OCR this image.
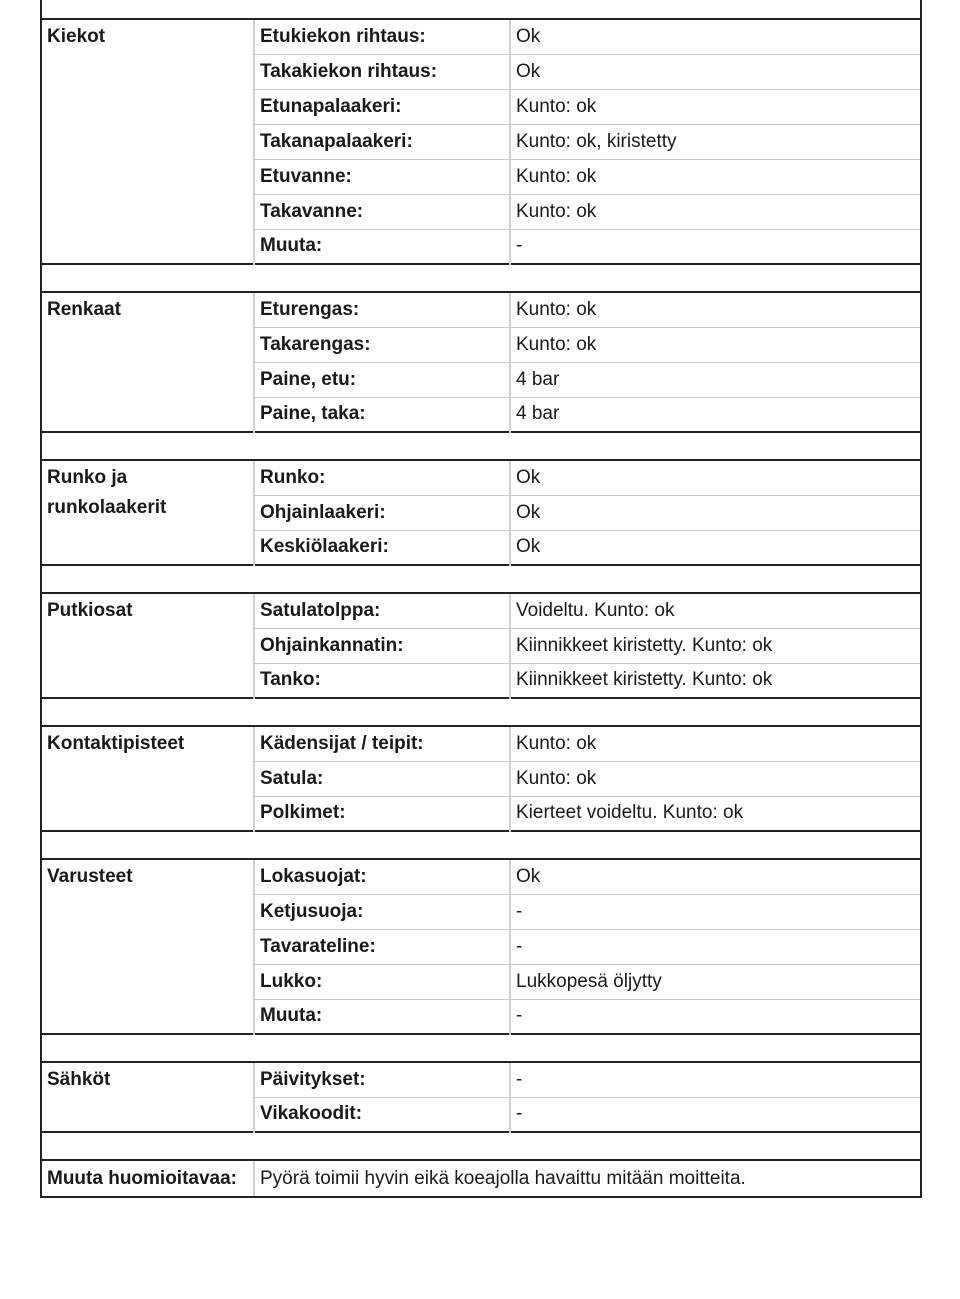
Kiekot	Etukiekon rihtaus:	Ok
	Takakiekon rihtaus:	Ok
	Etunapalaakeri:	Kunto: ok
	Takanapalaakeri:	Kunto: ok, kiristetty
	Etuvanne:	Kunto: ok
	Takavanne:	Kunto: ok
	Muuta:	-

Renkaat	Eturengas:	Kunto: ok
	Takarengas:	Kunto: ok
	Paine, etu:	4 bar
	Paine, taka:	4 bar

Runko ja runkolaakerit	Runko:	Ok
	Ohjainlaakeri:	Ok
	Keskiölaakeri:	Ok

Putkiosat	Satulatolppa:	Voideltu. Kunto: ok
	Ohjainkannatin:	Kiinnikkeet kiristetty. Kunto: ok
	Tanko:	Kiinnikkeet kiristetty. Kunto: ok

Kontaktipisteet	Kädensijat / teipit:	Kunto: ok
	Satula:	Kunto: ok
	Polkimet:	Kierteet voideltu. Kunto: ok

Varusteet	Lokasuojat:	Ok
	Ketjusuoja:	-
	Tavarateline:	-
	Lukko:	Lukkopesä öljytty
	Muuta:	-

Sähköt	Päivitykset:	-
	Vikakoodit:	-

Muuta huomioitavaa:	Pyörä toimii hyvin eikä koeajolla havaittu mitään moitteita.	
